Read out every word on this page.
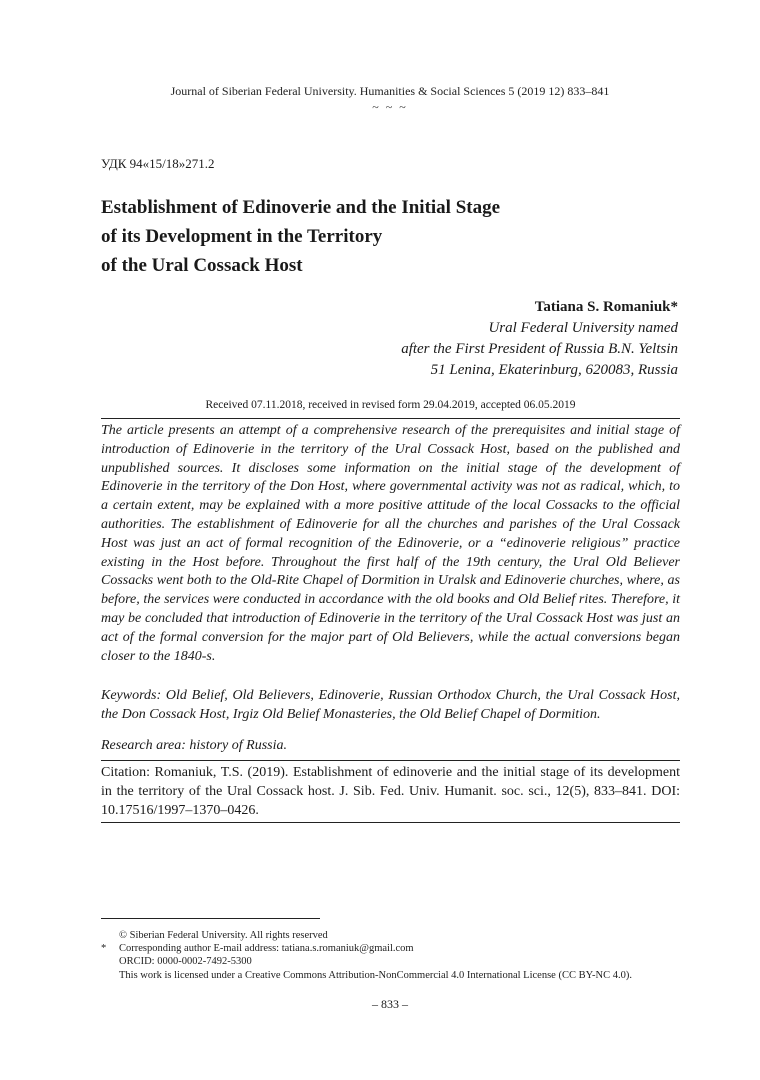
Journal of Siberian Federal University. Humanities & Social Sciences 5 (2019 12) 833–841
~ ~ ~
УДК 94«15/18»271.2
Establishment of Edinoverie and the Initial Stage
of its Development in the Territory
of the Ural Cossack Host
Tatiana S. Romaniuk*
Ural Federal University named
after the First President of Russia B.N. Yeltsin
51 Lenina, Ekaterinburg, 620083, Russia
Received 07.11.2018, received in revised form 29.04.2019, accepted 06.05.2019

The article presents an attempt of a comprehensive research of the prerequisites and initial stage of introduction of Edinoverie in the territory of the Ural Cossack Host, based on the published and unpublished sources. It discloses some information on the initial stage of the development of Edinoverie in the territory of the Don Host, where governmental activity was not as radical, which, to a certain extent, may be explained with a more positive attitude of the local Cossacks to the official authorities. The establishment of Edinoverie for all the churches and parishes of the Ural Cossack Host was just an act of formal recognition of the Edinoverie, or a “edinoverie religious” practice existing in the Host before. Throughout the first half of the 19th century, the Ural Old Believer Cossacks went both to the Old-Rite Chapel of Dormition in Uralsk and Edinoverie churches, where, as before, the services were conducted in accordance with the old books and Old Belief rites. Therefore, it may be concluded that introduction of Edinoverie in the territory of the Ural Cossack Host was just an act of the formal conversion for the major part of Old Believers, while the actual conversions began closer to the 1840-s.

Keywords: Old Belief, Old Believers, Edinoverie, Russian Orthodox Church, the Ural Cossack Host, the Don Cossack Host, Irgiz Old Belief Monasteries, the Old Belief Chapel of Dormition.

Research area: history of Russia.

Citation: Romaniuk, T.S. (2019). Establishment of edinoverie and the initial stage of its development in the territory of the Ural Cossack host. J. Sib. Fed. Univ. Humanit. soc. sci., 12(5), 833–841. DOI: 10.17516/1997–1370–0426.

© Siberian Federal University. All rights reserved
* Corresponding author E-mail address: tatiana.s.romaniuk@gmail.com
ORCID: 0000-0002-7492-5300
This work is licensed under a Creative Commons Attribution-NonCommercial 4.0 International License (CC BY-NC 4.0).
– 833 –
